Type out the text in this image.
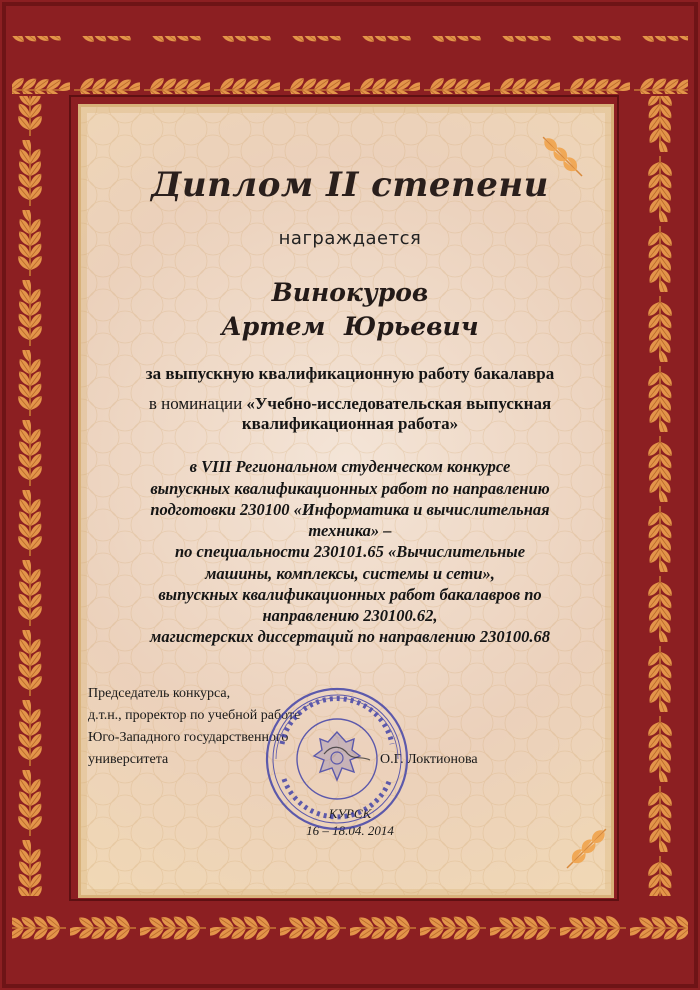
Диплом II степени
награждается
Винокуров
Артем Юрьевич
за выпускную квалификационную работу бакалавра
в номинации «Учебно-исследовательская выпускная
квалификационная работа»
в VIII Региональном студенческом конкурсе
выпускных квалификационных работ по направлению
подготовки 230100 «Информатика и вычислительная
техника» –
по специальности 230101.65 «Вычислительные
машины, комплексы, системы и сети»,
выпускных квалификационных работ бакалавров по
направлению 230100.62,
магистерских диссертаций по направлению 230100.68
Председатель конкурса,
д.т.н., проректор по учебной работе
Юго-Западного государственного
университета	О.Г. Локтионова
КУРСК
16 – 18.04. 2014
